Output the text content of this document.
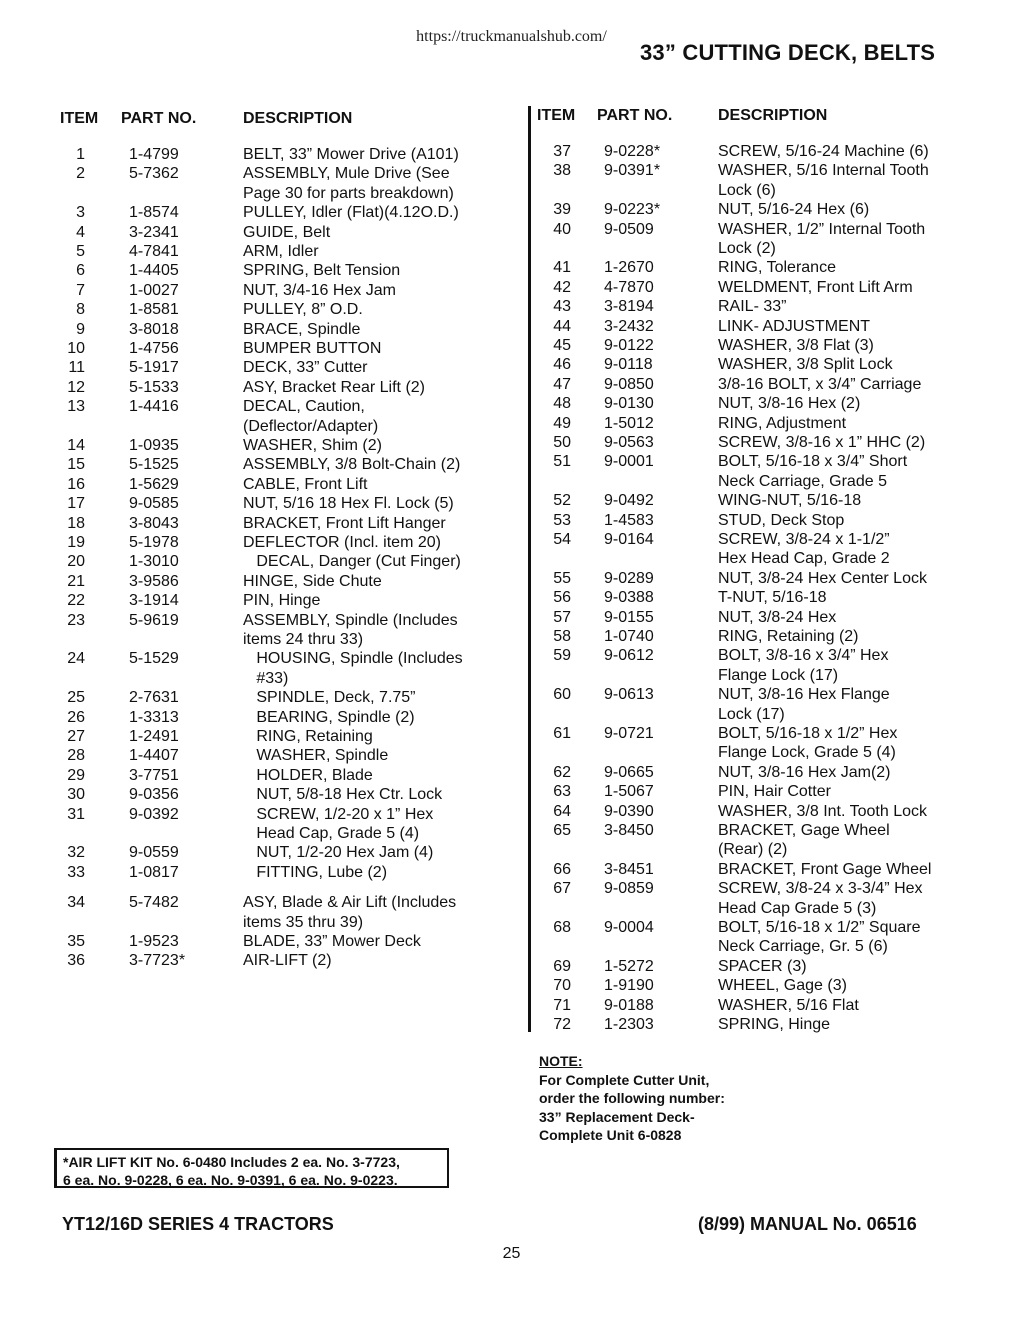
https://truckmanualshub.com/
33” CUTTING DECK, BELTS
ITEM PART NO.	DESCRIPTION	ITEM PART NO.	DESCRIPTION
1	1-4799	BELT, 33” Mower Drive (A101)
2	5-7362	ASSEMBLY, Mule Drive (See
Page 30 for parts breakdown)
3	1-8574	PULLEY, Idler (Flat)(4.12O.D.)
4	3-2341	GUIDE, Belt
5	4-7841	ARM, Idler
6	1-4405	SPRING, Belt Tension
7	1-0027	NUT, 3/4-16 Hex Jam
8	1-8581	PULLEY, 8” O.D.
9	3-8018	BRACE, Spindle
10	1-4756	BUMPER BUTTON
11	5-1917	DECK, 33” Cutter
12	5-1533	ASY, Bracket Rear Lift (2)
13	1-4416	DECAL, Caution,
(Deflector/Adapter)
14	1-0935	WASHER, Shim (2)
15	5-1525	ASSEMBLY, 3/8 Bolt-Chain (2)
16	1-5629	CABLE, Front Lift
17	9-0585	NUT, 5/16 18 Hex Fl. Lock (5)
18	3-8043	BRACKET, Front Lift Hanger
19	5-1978	DEFLECTOR (Incl. item 20)
20	1-3010	DECAL, Danger (Cut Finger)
21	3-9586	HINGE, Side Chute
22	3-1914	PIN, Hinge
23	5-9619	ASSEMBLY, Spindle (Includes
items 24 thru 33)
24	5-1529	HOUSING, Spindle (Includes
#33)
25	2-7631	SPINDLE, Deck, 7.75”
26	1-3313	BEARING, Spindle (2)
27	1-2491	RING, Retaining
28	1-4407	WASHER, Spindle
29	3-7751	HOLDER, Blade
30	9-0356	NUT, 5/8-18 Hex Ctr. Lock
31	9-0392	SCREW, 1/2-20 x 1” Hex
Head Cap, Grade 5 (4)
32	9-0559	NUT, 1/2-20 Hex Jam (4)
33	1-0817	FITTING, Lube (2)
34	5-7482	ASY, Blade & Air Lift (Includes
items 35 thru 39)
35	1-9523	BLADE, 33” Mower Deck
36	3-7723*	AIR-LIFT (2)
37 9-0228*	SCREW, 5/16-24 Machine (6)
38 9-0391*	WASHER, 5/16 Internal Tooth
Lock (6)
39 9-0223*	NUT, 5/16-24 Hex (6)
40 9-0509	WASHER, 1/2” Internal Tooth
Lock (2)
41 1-2670	RING, Tolerance
42 4-7870	WELDMENT, Front Lift Arm
43 3-8194	RAIL- 33”
44 3-2432	LINK- ADJUSTMENT
45 9-0122	WASHER, 3/8 Flat (3)
46 9-0118	WASHER, 3/8 Split Lock
47 9-0850	3/8-16 BOLT, x 3/4” Carriage
48 9-0130	NUT, 3/8-16 Hex (2)
49 1-5012	RING, Adjustment
50 9-0563	SCREW, 3/8-16 x 1” HHC (2)
51 9-0001	BOLT, 5/16-18 x 3/4” Short
Neck Carriage, Grade 5
52 9-0492	WING-NUT, 5/16-18
53 1-4583	STUD, Deck Stop
54 9-0164	SCREW, 3/8-24 x 1-1/2”
Hex Head Cap, Grade 2
55 9-0289	NUT, 3/8-24 Hex Center Lock
56 9-0388	T-NUT, 5/16-18
57 9-0155	NUT, 3/8-24 Hex
58 1-0740	RING, Retaining (2)
59 9-0612	BOLT, 3/8-16 x 3/4” Hex
Flange Lock (17)
60 9-0613	NUT, 3/8-16 Hex Flange
Lock (17)
61 9-0721	BOLT, 5/16-18 x 1/2” Hex
Flange Lock, Grade 5 (4)
62 9-0665	NUT, 3/8-16 Hex Jam(2)
63 1-5067	PIN, Hair Cotter
64 9-0390	WASHER, 3/8 Int. Tooth Lock
65 3-8450	BRACKET, Gage Wheel
(Rear) (2)
66 3-8451	BRACKET, Front Gage Wheel
67 9-0859	SCREW, 3/8-24 x 3-3/4” Hex
Head Cap Grade 5 (3)
68 9-0004	BOLT, 5/16-18 x 1/2” Square
Neck Carriage, Gr. 5 (6)
69 1-5272	SPACER (3)
70 1-9190	WHEEL, Gage (3)
71 9-0188	WASHER, 5/16 Flat
72 1-2303	SPRING, Hinge
NOTE:
For Complete Cutter Unit,
order the following number:
33” Replacement Deck-
Complete Unit 6-0828
*AIR LIFT KIT No. 6-0480 Includes 2 ea. No. 3-7723,
6 ea. No. 9-0228, 6 ea. No. 9-0391, 6 ea. No. 9-0223.
YT12/16D SERIES 4 TRACTORS	(8/99) MANUAL No. 06516
25
